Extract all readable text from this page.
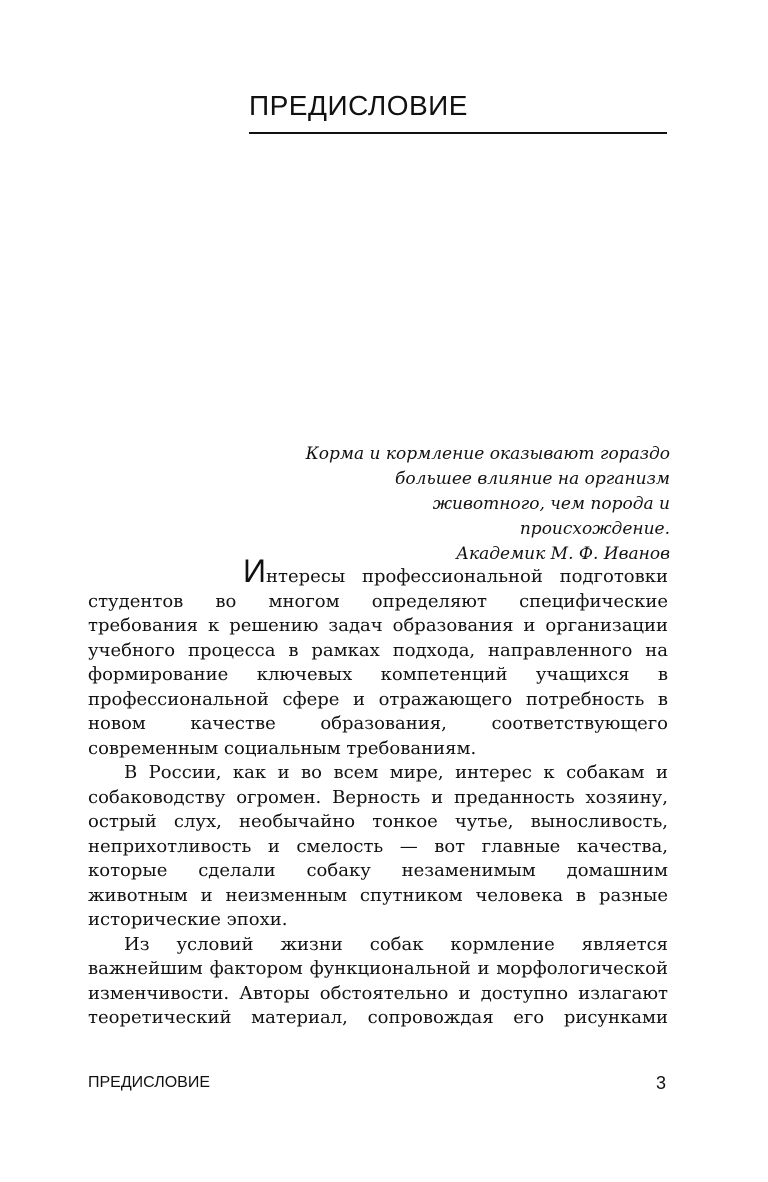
ПРЕДИСЛОВИЕ

Корма и кормление оказывают гораздо большее влияние на организм животного, чем порода и происхождение.

Академик М. Ф. Иванов

Интересы профессиональной подготовки студентов во многом определяют специфические требования к решению задач образования и организации учебного процесса в рамках подхода, направленного на формирование ключевых компетенций учащихся в профессиональной сфере и отражающего потребность в новом качестве образования, соответствующего современным социальным требованиям.

В России, как и во всем мире, интерес к собакам и собаководству огромен. Верность и преданность хозяину, острый слух, необычайно тонкое чутье, выносливость, неприхотливость и смелость — вот главные качества, которые сделали собаку незаменимым домашним животным и неизменным спутником человека в разные исторические эпохи.

Из условий жизни собак кормление является важнейшим фактором функциональной и морфологической изменчивости. Авторы обстоятельно и доступно излагают теоретический материал, сопровождая его рисунками

ПРЕДИСЛОВИЕ	3
